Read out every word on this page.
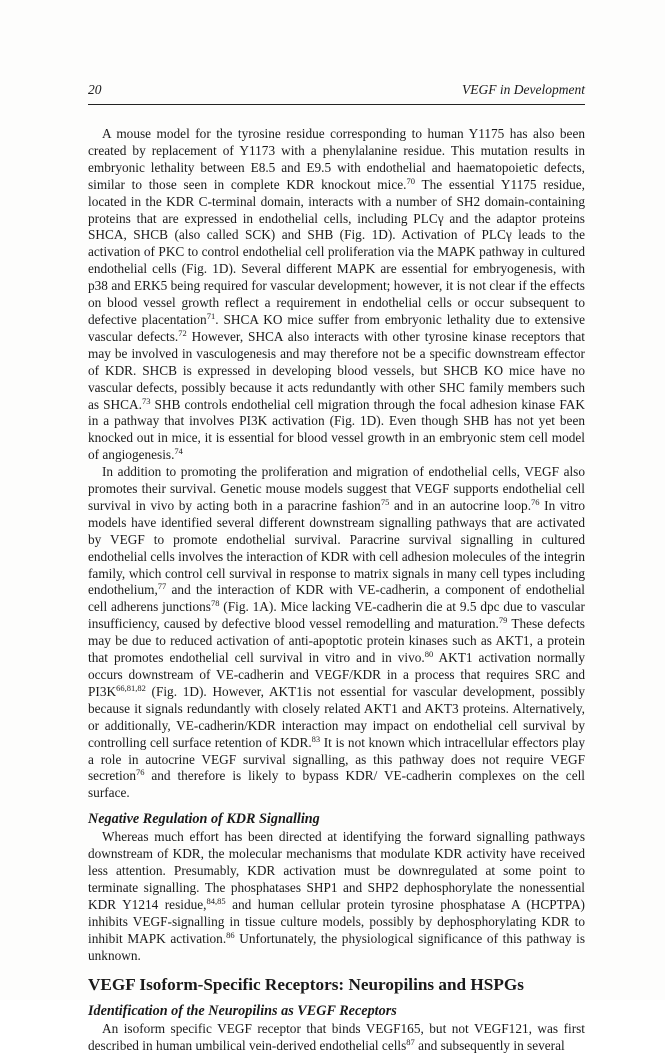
20	VEGF in Development

A mouse model for the tyrosine residue corresponding to human Y1175 has also been created by replacement of Y1173 with a phenylalanine residue. This mutation results in embryonic lethality between E8.5 and E9.5 with endothelial and haematopoietic defects, similar to those seen in complete KDR knockout mice.$^{70}$ The essential Y1175 residue, located in the KDR C-terminal domain, interacts with a number of SH2 domain-containing proteins that are expressed in endothelial cells, including PLCγ and the adaptor proteins SHCA, SHCB (also called SCK) and SHB (Fig. 1D). Activation of PLCγ leads to the activation of PKC to control endothelial cell proliferation via the MAPK pathway in cultured endothelial cells (Fig. 1D). Several different MAPK are essential for embryogenesis, with p38 and ERK5 being required for vascular development; however, it is not clear if the effects on blood vessel growth reflect a requirement in endothelial cells or occur subsequent to defective placentation$^{71}$. SHCA KO mice suffer from embryonic lethality due to extensive vascular defects.$^{72}$ However, SHCA also interacts with other tyrosine kinase receptors that may be involved in vasculogenesis and may therefore not be a specific downstream effector of KDR. SHCB is expressed in developing blood vessels, but SHCB KO mice have no vascular defects, possibly because it acts redundantly with other SHC family members such as SHCA.$^{73}$ SHB controls endothelial cell migration through the focal adhesion kinase FAK in a pathway that involves PI3K activation (Fig. 1D). Even though SHB has not yet been knocked out in mice, it is essential for blood vessel growth in an embryonic stem cell model of angiogenesis.$^{74}$

In addition to promoting the proliferation and migration of endothelial cells, VEGF also promotes their survival. Genetic mouse models suggest that VEGF supports endothelial cell survival in vivo by acting both in a paracrine fashion$^{75}$ and in an autocrine loop.$^{76}$ In vitro models have identified several different downstream signalling pathways that are activated by VEGF to promote endothelial survival. Paracrine survival signalling in cultured endothelial cells involves the interaction of KDR with cell adhesion molecules of the integrin family, which control cell survival in response to matrix signals in many cell types including endothelium,$^{77}$ and the interaction of KDR with VE-cadherin, a component of endothelial cell adherens junctions$^{78}$ (Fig. 1A). Mice lacking VE-cadherin die at 9.5 dpc due to vascular insufficiency, caused by defective blood vessel remodelling and maturation.$^{79}$ These defects may be due to reduced activation of anti-apoptotic protein kinases such as AKT1, a protein that promotes endothelial cell survival in vitro and in vivo.$^{80}$ AKT1 activation normally occurs downstream of VE-cadherin and VEGF/KDR in a process that requires SRC and $PI3K^{66,81,82}$ (Fig. 1D). However, AKT1is not essential for vascular development, possibly because it signals redundantly with closely related AKT1 and AKT3 proteins. Alternatively, or additionally, VE-cadherin/KDR interaction may impact on endothelial cell survival by controlling cell surface retention of KDR.$^{83}$ It is not known which intracellular effectors play a role in autocrine VEGF survival signalling, as this pathway does not require VEGF secretion$^{76}$ and therefore is likely to bypass KDR/ VE-cadherin complexes on the cell surface.

Negative Regulation of KDR Signalling

Whereas much effort has been directed at identifying the forward signalling pathways downstream of KDR, the molecular mechanisms that modulate KDR activity have received less attention. Presumably, KDR activation must be downregulated at some point to terminate signalling. The phosphatases SHP1 and SHP2 dephosphorylate the nonessential KDR Y1214 residue,$^{84,85}$ and human cellular protein tyrosine phosphatase A (HCPTPA) inhibits VEGF-signalling in tissue culture models, possibly by dephosphorylating KDR to inhibit MAPK activation.$^{86}$ Unfortunately, the physiological significance of this pathway is unknown.

VEGF Isoform-Specific Receptors: Neuropilins and HSPGs
Identification of the Neuropilins as VEGF Receptors

An isoform specific VEGF receptor that binds VEGF165, but not VEGF121, was first described in human umbilical vein-derived endothelial cells$^{87}$ and subsequently in several
